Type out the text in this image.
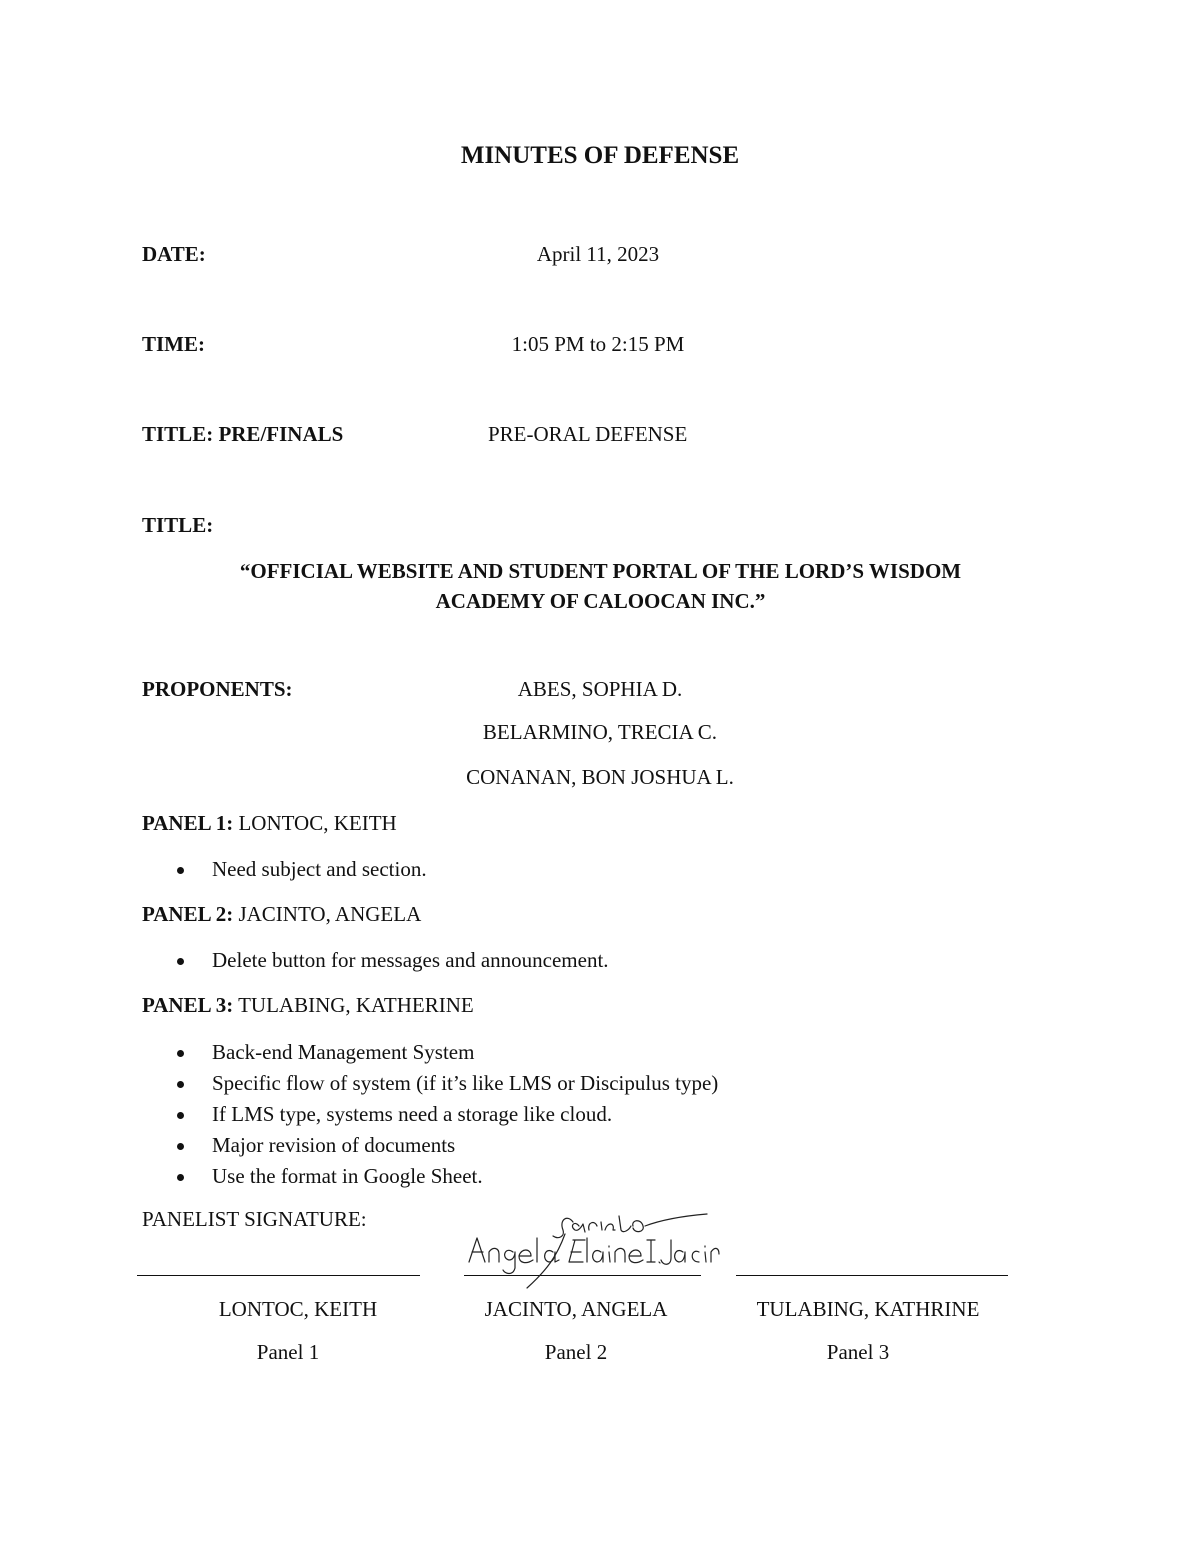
MINUTES OF DEFENSE
DATE:	April 11, 2023
TIME:	1:05 PM to 2:15 PM
TITLE: PRE/FINALS	PRE-ORAL DEFENSE
TITLE:
“OFFICIAL WEBSITE AND STUDENT PORTAL OF THE LORD’S WISDOM
ACADEMY OF CALOOCAN INC.”
PROPONENTS:	ABES, SOPHIA D.
BELARMINO, TRECIA C.
CONANAN, BON JOSHUA L.
PANEL 1: LONTOC, KEITH
Need subject and section.
PANEL 2: JACINTO, ANGELA
Delete button for messages and announcement.
PANEL 3: TULABING, KATHERINE
Back-end Management System
Specific flow of system (if it’s like LMS or Discipulus type)
If LMS type, systems need a storage like cloud.
Major revision of documents
Use the format in Google Sheet.
PANELIST SIGNATURE:
LONTOC, KEITH	JACINTO, ANGELA	TULABING, KATHRINE
Panel 1	Panel 2	Panel 3
